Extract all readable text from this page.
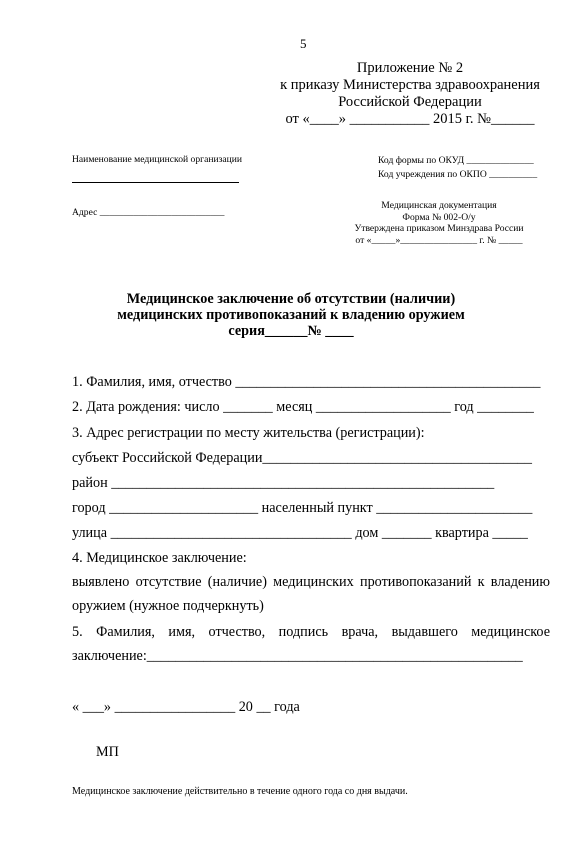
5
Приложение № 2
к приказу Министерства здравоохранения
Российской Федерации
от «____» ___________ 2015 г. №______
Наименование медицинской организации
Адрес __________________________
Код формы по ОКУД ______________
Код учреждения по ОКПО __________
Медицинская документация
Форма № 002-О/у
Утверждена приказом Минздрава России
от «_____»________________ г. № _____
Медицинское заключение об отсутствии (наличии)
медицинских противопоказаний к владению оружием
серия______№ ____
1. Фамилия, имя, отчество ___________________________________________
2. Дата рождения: число _______ месяц ___________________ год ________
3. Адрес регистрации по месту жительства (регистрации):
субъект Российской Федерации______________________________________
район ______________________________________________________
город _____________________ населенный пункт ______________________
улица __________________________________ дом _______ квартира _____
4. Медицинское заключение:
выявлено отсутствие (наличие) медицинских противопоказаний к владению
оружием (нужное подчеркнуть)
5. Фамилия, имя, отчество, подпись врача, выдавшего медицинское
заключение:_____________________________________________________
« ___» _________________ 20 __ года
МП
Медицинское заключение действительно в течение одного года со дня выдачи.
